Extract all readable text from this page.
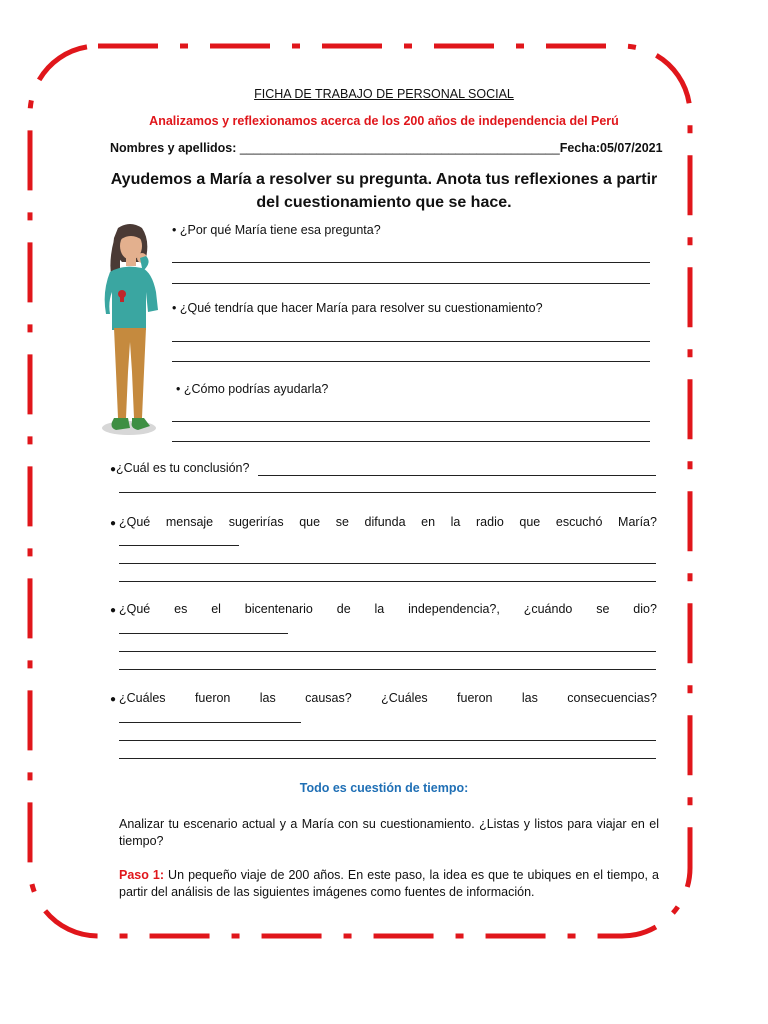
FICHA DE TRABAJO DE PERSONAL SOCIAL
Analizamos y reflexionamos acerca de los 200 años de independencia del Perú
Nombres y apellidos: ______________________________________________Fecha:05/07/2021
Ayudemos a María a resolver su pregunta. Anota tus reflexiones a partir
del cuestionamiento que se hace.
• ¿Por qué María tiene esa pregunta?
• ¿Qué tendría que hacer María para resolver su cuestionamiento?
• ¿Cómo podrías ayudarla?
●¿Cuál es tu conclusión?
● ¿Qué mensaje sugerirías que se difunda en la radio que escuchó María?
● ¿Qué es el bicentenario de la independencia?, ¿cuándo se dio?
● ¿Cuáles fueron las causas? ¿Cuáles fueron las consecuencias?
Todo es cuestión de tiempo:
Analizar tu escenario actual y a María con su cuestionamiento. ¿Listas y listos para viajar en el tiempo?
Paso 1: Un pequeño viaje de 200 años. En este paso, la idea es que te ubiques en el tiempo, a partir del análisis de las siguientes imágenes como fuentes de información.
